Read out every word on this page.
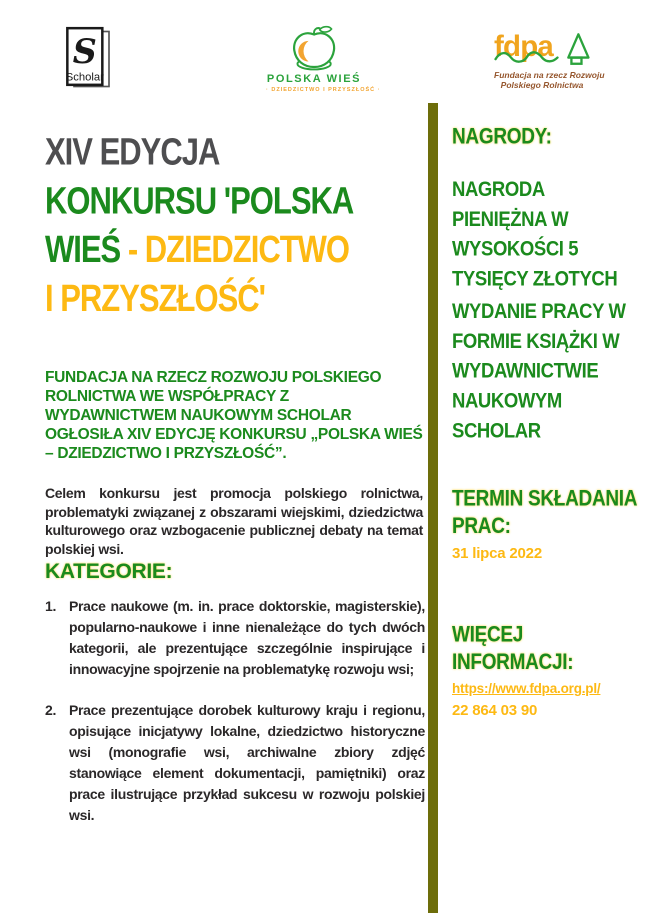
S
Scholar	POLSKA WIEŚ
· DZIEDZICTWO I PRZYSZŁOŚĆ ·
fdpa
Fundacja na rzecz Rozwoju
Polskiego Rolnictwa
XIV EDYCJA
KONKURSU 'POLSKA
WIEŚ - DZIEDZICTWO
I PRZYSZŁOŚĆ'
FUNDACJA NA RZECZ ROZWOJU POLSKIEGO ROLNICTWA WE WSPÓŁPRACY Z WYDAWNICTWEM NAUKOWYM SCHOLAR OGŁOSIŁA XIV EDYCJĘ KONKURSU „POLSKA WIEŚ – DZIEDZICTWO I PRZYSZŁOŚĆ”.
Celem konkursu jest promocja polskiego rolnictwa, problematyki związanej z obszarami wiejskimi, dziedzictwa kulturowego oraz wzbogacenie publicznej debaty na temat polskiej wsi.
KATEGORIE:
1. Prace naukowe (m. in. prace doktorskie, magisterskie), popularno-naukowe i inne nienależące do tych dwóch kategorii, ale prezentujące szczególnie inspirujące i innowacyjne spojrzenie na problematykę rozwoju wsi;
2. Prace prezentujące dorobek kulturowy kraju i regionu, opisujące inicjatywy lokalne, dziedzictwo historyczne wsi (monografie wsi, archiwalne zbiory zdjęć stanowiące element dokumentacji, pamiętniki) oraz prace ilustrujące przykład sukcesu w rozwoju polskiej wsi.
NAGRODY:
NAGRODA PIENIĘŻNA W WYSOKOŚCI 5 TYSIĘCY ZŁOTYCH
WYDANIE PRACY W FORMIE KSIĄŻKI W WYDAWNICTWIE NAUKOWYM SCHOLAR
TERMIN SKŁADANIA PRAC:
31 lipca 2022
WIĘCEJ INFORMACJI:
https://www.fdpa.org.pl/
22 864 03 90
